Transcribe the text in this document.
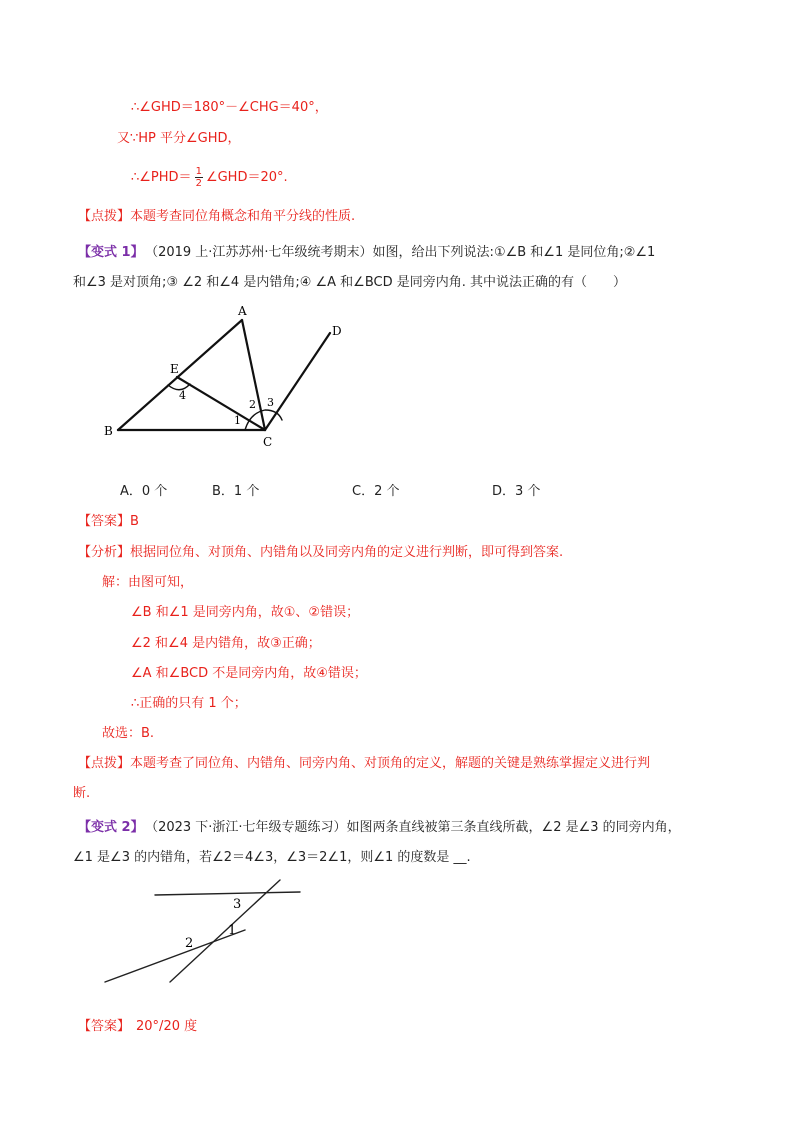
∴∠GHD＝180°－∠CHG＝40°，
又∵HP 平分∠GHD，
∴∠PHD＝ $\frac{1}{2}$ ∠GHD＝20°.
【点拨】本题考查同位角概念和角平分线的性质.
【变式 1】 （2019 上·江苏苏州·七年级统考期末）如图，给出下列说法:①∠B 和∠1 是同位角;②∠1
和∠3 是对顶角;③ ∠2 和∠4 是内错角;④ ∠A 和∠BCD 是同旁内角. 其中说法正确的有（　　）
A
D
E
4
2 3
1
B
C
A．0 个	B．1 个	C．2 个	D．3 个
【答案】B
【分析】根据同位角、对顶角、内错角以及同旁内角的定义进行判断，即可得到答案.
解：由图可知，
∠B 和∠1 是同旁内角，故①、②错误；
∠2 和∠4 是内错角，故③正确；
∠A 和∠BCD 不是同旁内角，故④错误；
∴正确的只有 1 个；
故选：B.
【点拨】本题考查了同位角、内错角、同旁内角、对顶角的定义，解题的关键是熟练掌握定义进行判
断.
【变式 2】 （2023 下·浙江·七年级专题练习）如图两条直线被第三条直线所截，∠2 是∠3 的同旁内角，
∠1 是∠3 的内错角，若∠2＝4∠3，∠3＝2∠1，则∠1 的度数是 __.
3
2
1
【答案】 20°/20 度
